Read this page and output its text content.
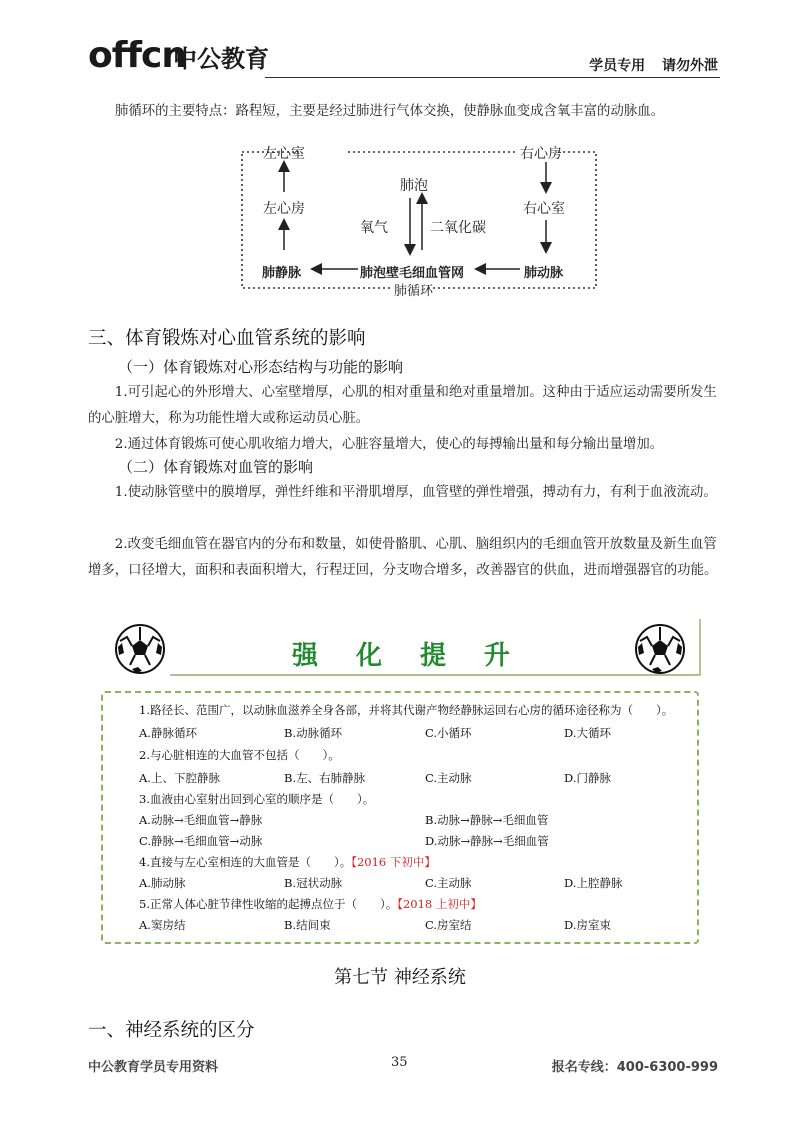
offcn
中公教育	学员专用 请勿外泄
肺循环的主要特点：路程短，主要是经过肺进行气体交换，使静脉血变成含氧丰富的动脉血。
左心室	右心房
肺泡
左心房	右心室
氧气	二氧化碳
肺静脉	肺泡壁毛细血管网	肺动脉
肺循环
三、体育锻炼对心血管系统的影响
（一）体育锻炼对心形态结构与功能的影响
1.可引起心的外形增大、心室壁增厚，心肌的相对重量和绝对重量增加。这种由于适应运动需要所发生的心脏增大，称为功能性增大或称运动员心脏。
2.通过体育锻炼可使心肌收缩力增大，心脏容量增大，使心的每搏输出量和每分输出量增加。
（二）体育锻炼对血管的影响
1.使动脉管壁中的膜增厚，弹性纤维和平滑肌增厚，血管壁的弹性增强，搏动有力，有利于血液流动。
2.改变毛细血管在器官内的分布和数量，如使骨骼肌、心肌、脑组织内的毛细血管开放数量及新生血管增多，口径增大，面积和表面积增大，行程迂回，分支吻合增多，改善器官的供血，进而增强器官的功能。
强化提升
1.路径长、范围广，以动脉血滋养全身各部，并将其代谢产物经静脉运回右心房的循环途径称为（　　）。
A.静脉循环	B.动脉循环	C.小循环	D.大循环
2.与心脏相连的大血管不包括（　　）。
A.上、下腔静脉	B.左、右肺静脉	C.主动脉	D.门静脉
3.血液由心室射出回到心室的顺序是（　　）。
A.动脉→毛细血管→静脉	B.动脉→静脉→毛细血管
C.静脉→毛细血管→动脉	D.动脉→静脉→毛细血管
4.直接与左心室相连的大血管是（　　）。【2016 下初中】
A.肺动脉	B.冠状动脉	C.主动脉	D.上腔静脉
5.正常人体心脏节律性收缩的起搏点位于（　　）。【2018 上初中】
A.窦房结	B.结间束	C.房室结	D.房室束
第七节 神经系统
一、神经系统的区分
中公教育学员专用资料	35	报名专线：400-6300-999
